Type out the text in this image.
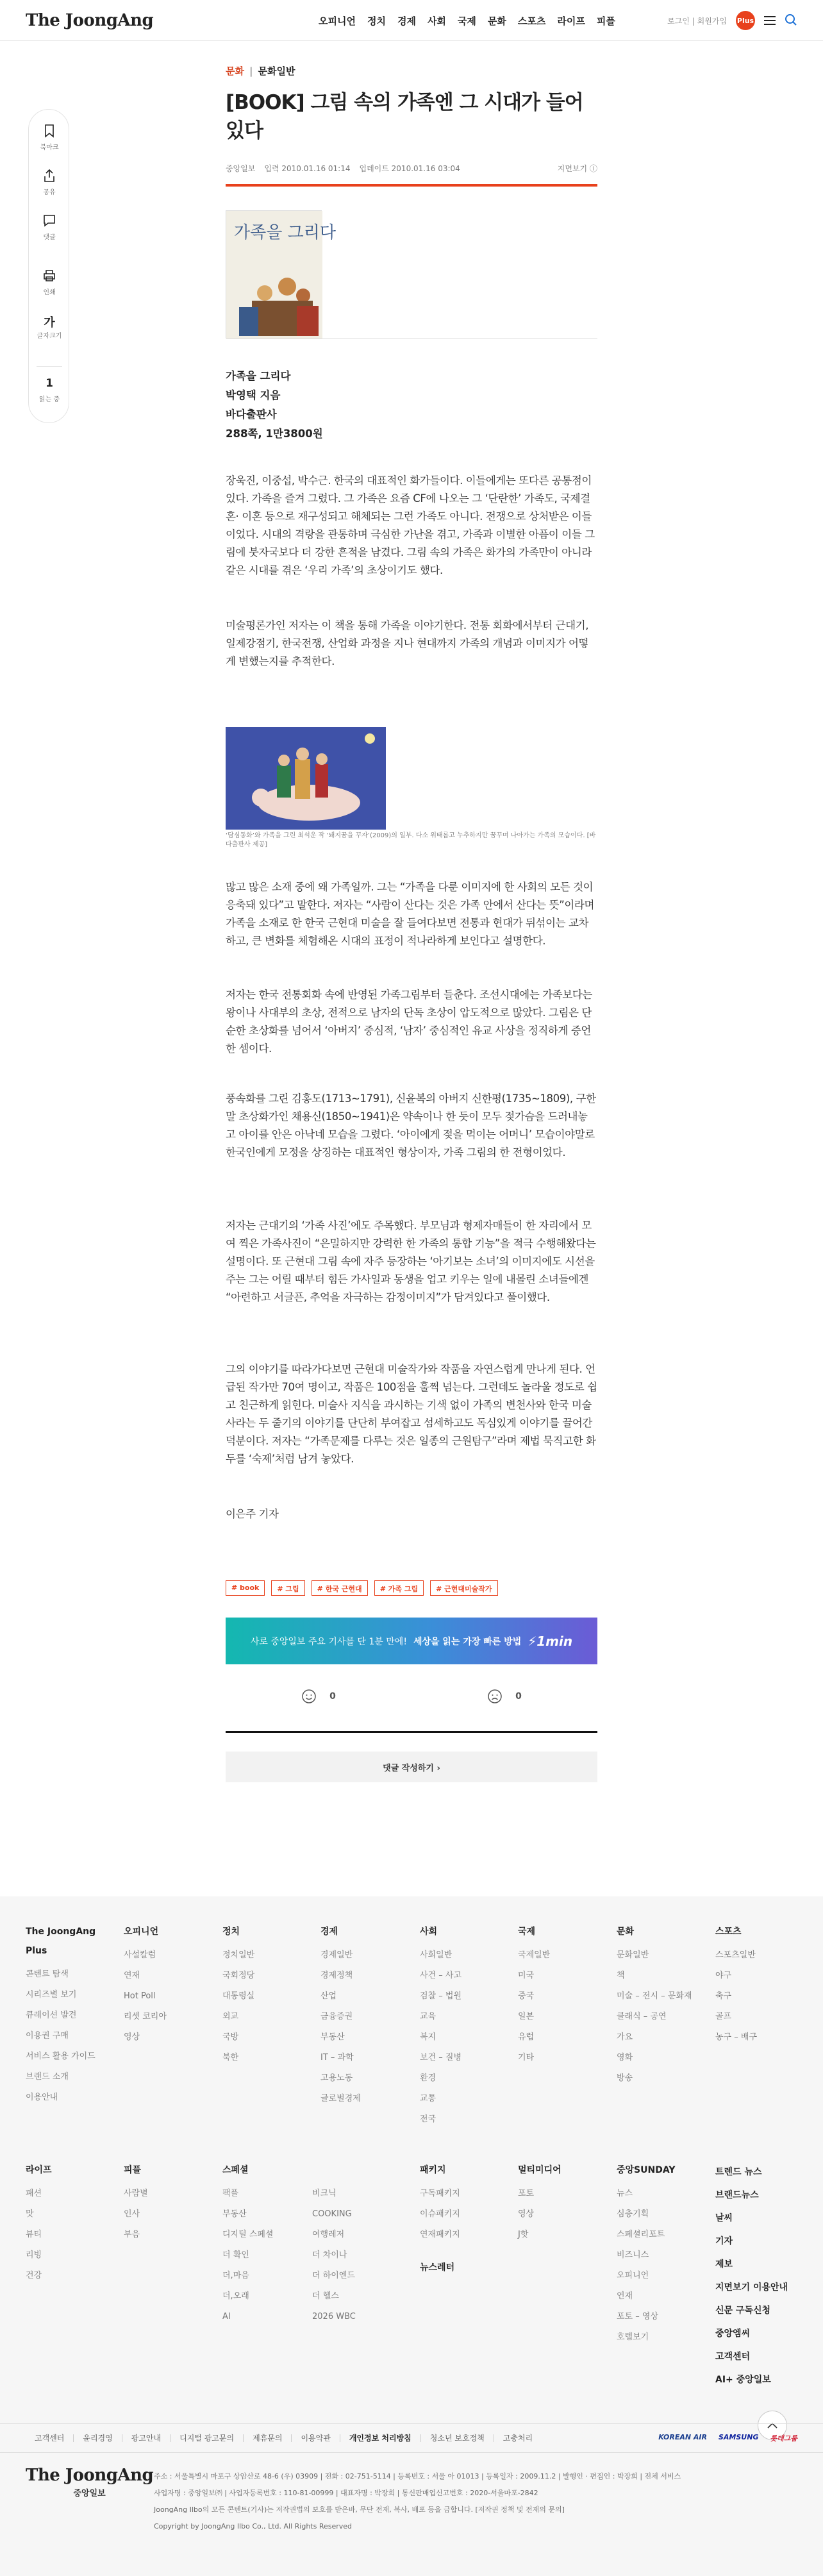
The JoongAng	오피니언 정치 경제 사회 국제 문화 스포츠 라이프 피플	로그인 | 회원가입 Plus
북마크
공유
댓글
인쇄
가
글자크기
1
읽는 중
문화 | 문화일반
[BOOK] 그림 속의 가족엔 그 시대가 들어있다
중앙일보 입력 2010.01.16 01:14 업데이트 2010.01.16 03:04	지면보기 ⓘ
가족을 그리다
가족을 그리다
박영택 지음
바다출판사
288쪽, 1만3800원

장욱진, 이중섭, 박수근. 한국의 대표적인 화가들이다. 이들에게는 또다른 공통점이 있다. 가족을 즐겨 그렸다. 그 가족은 요즘 CF에 나오는 그 ‘단란한’ 가족도, 국제결혼· 이혼 등으로 재구성되고 해체되는 그런 가족도 아니다. 전쟁으로 상처받은 이들이었다. 시대의 격랑을 관통하며 극심한 가난을 겪고, 가족과 이별한 아픔이 이들 그림에 붓자국보다 더 강한 흔적을 남겼다. 그림 속의 가족은 화가의 가족만이 아니라 같은 시대를 겪은 ‘우리 가족’의 초상이기도 했다.

미술평론가인 저자는 이 책을 통해 가족을 이야기한다. 전통 회화에서부터 근대기, 일제강점기, 한국전쟁, 산업화 과정을 지나 현대까지 가족의 개념과 이미지가 어떻게 변했는지를 추적한다.

‘담심동화’와 가족을 그린 최석운 작 ‘돼지꿈을 꾸자’(2009)의 일부. 다소 위태롭고 누추하지만 꿈꾸며 나아가는 가족의 모습이다. [바다출판사 제공]

많고 많은 소재 중에 왜 가족일까. 그는 “가족을 다룬 이미지에 한 사회의 모든 것이 응축돼 있다”고 말한다. 저자는 “사람이 산다는 것은 가족 안에서 산다는 뜻”이라며 가족을 소재로 한 한국 근현대 미술을 잘 들여다보면 전통과 현대가 뒤섞이는 교차하고, 큰 변화를 체험해온 시대의 표정이 적나라하게 보인다고 설명한다.

저자는 한국 전통회화 속에 반영된 가족그림부터 들춘다. 조선시대에는 가족보다는 왕이나 사대부의 초상, 전적으로 남자의 단독 초상이 압도적으로 많았다. 그림은 단순한 초상화를 넘어서 ‘아버지’ 중심적, ‘남자’ 중심적인 유교 사상을 정직하게 증언한 셈이다.

풍속화를 그린 김홍도(1713~1791), 신윤복의 아버지 신한평(1735~1809), 구한말 초상화가인 채용신(1850~1941)은 약속이나 한 듯이 모두 젖가슴을 드러내놓고 아이를 안은 아낙네 모습을 그렸다. ‘아이에게 젖을 먹이는 어머니’ 모습이야말로 한국인에게 모정을 상징하는 대표적인 형상이자, 가족 그림의 한 전형이었다.

저자는 근대기의 ‘가족 사진’에도 주목했다. 부모님과 형제자매들이 한 자리에서 모여 찍은 가족사진이 “은밀하지만 강력한 한 가족의 통합 기능”을 적극 수행해왔다는 설명이다. 또 근현대 그림 속에 자주 등장하는 ‘아기보는 소녀’의 이미지에도 시선을 주는 그는 어릴 때부터 힘든 가사일과 동생을 업고 키우는 일에 내몰린 소녀들에겐 “아련하고 서글픈, 추억을 자극하는 감정이미지”가 담겨있다고 풀이했다.

그의 이야기를 따라가다보면 근현대 미술작가와 작품을 자연스럽게 만나게 된다. 언급된 작가만 70여 명이고, 작품은 100점을 훌쩍 넘는다. 그런데도 놀라울 정도로 쉽고 친근하게 읽힌다. 미술사 지식을 과시하는 기색 없이 가족의 변천사와 한국 미술사라는 두 줄기의 이야기를 단단히 부여잡고 섬세하고도 독심있게 이야기를 끌어간 덕분이다. 저자는 “가족문제를 다루는 것은 일종의 근원탐구”라며 제법 묵직고한 화두를 ‘숙제’처럼 남겨 놓았다.

이은주 기자

# book	# 그림	# 한국 근현대	# 가족 그림	# 근현대미술작가
사로 중앙일보 주요 기사를 단 1분 만에! 세상을 읽는 가장 빠른 방법 ⚡1min
0	0
댓글 작성하기 ›
The JoongAng Plus
콘텐트 탐색
시리즈별 보기
큐레이션 발견
이용권 구매
서비스 활용 가이드
브랜드 소개
이용안내
오피니언
사설칼럼
연재
Hot Poll
리셋 코리아
영상
정치
정치일반
국회정당
대통령실
외교
국방
북한
경제
경제일반
경제정책
산업
금융증권
부동산
IT – 과학
고용노동
글로벌경제
사회
사회일반
사건 – 사고
검찰 – 법원
교육
복지
보건 – 질병
환경
교통
전국
국제
국제일반
미국
중국
일본
유럽
기타
문화
문화일반
책
미술 – 전시 – 문화재
클래식 – 공연
가요
영화
방송
스포츠
스포츠일반
야구
축구
골프
농구 – 배구
라이프
패션
맛
뷰티
리빙
건강
피플
사람별
인사
부음
스페셜
팩플
부동산
디지털 스페셜
더 확인
더,마음
더,오래
AI
비크닉
COOKING
여행레저
더 차이나
더 하이엔드
더 헬스
2026 WBC
패키지
구독패키지
이슈패키지
연재패키지
뉴스레터
멀티미디어
포토
영상
J핫
중앙SUNDAY
뉴스
심층기획
스페셜리포트
비즈니스
오피니언
연재
포토 – 영상
호텔보기
트렌드 뉴스
브랜드뉴스
날씨
기자
제보
지면보기 이용안내
신문 구독신청
중앙엠씨
고객센터
AI+ 중앙일보
고객센터	윤리경영	광고안내	디지털 광고문의	제휴문의	이용약관	개인정보 처리방침	청소년 보호정책	고충처리	KOREAN AIR SAMSUNG 롯데그룹
The JoongAng
중앙일보
주소 : 서울특별시 마포구 상암산로 48-6 (우) 03909 | 전화 : 02-751-5114 | 등록번호 : 서울 아 01013 | 등록일자 : 2009.11.2 | 발행인 · 편집인 : 박장희 | 전체 서비스
사업자명 : 중앙일보㈜ | 사업자등록번호 : 110-81-00999 | 대표자명 : 박장희 | 통신판매업신고번호 : 2020-서울마포-2842
JoongAng Ilbo의 모든 콘텐트(기사)는 저작권법의 보호를 받은바, 무단 전재, 복사, 배포 등을 금합니다. [저작권 정책 및 전재의 문의]
Copyright by JoongAng Ilbo Co., Ltd. All Rights Reserved
